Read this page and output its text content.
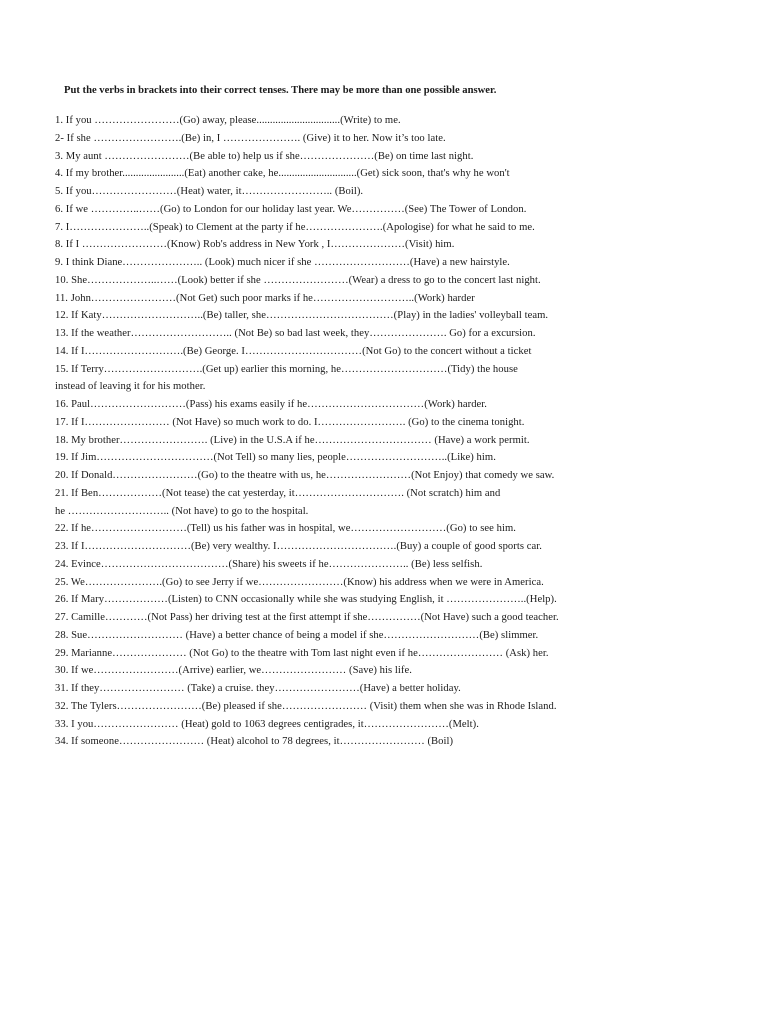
Put the verbs in brackets into their correct tenses. There may be more than one possible answer.
1. If you ……………………(Go) away, please...............................(Write) to me.
2- If she …………………….(Be) in, I …………………. (Give) it to her. Now it’s too late.
3. My aunt ……………………(Be able to) help us if she…………………(Be) on time last night.
4. If my brother.......................(Eat) another cake, he.............................(Get) sick soon, that's why he won't
5. If you……………………(Heat) water, it…………………….. (Boil).
6. If we …………..……(Go) to London for our holiday last year. We……………(See) The Tower of London.
7. I…………………..(Speak) to Clement at the party if he………………….(Apologise) for what he said to me.
8. If I ……………………(Know) Rob's address in New York , I…………………(Visit) him.
9. I think Diane………………….. (Look) much nicer if she ………………………(Have) a new hairstyle.
10. She………………..……(Look) better if she ……………………(Wear) a dress to go to the concert last night.
11. John……………………(Not Get) such poor marks if he………………………..(Work) harder
12. If Katy………………………..(Be) taller, she………………………………(Play) in the ladies' volleyball team.
13. If the weather……………………….. (Not Be) so bad last week, they…………………. Go) for a excursion.
14. If I……………………….(Be) George. I……………………………(Not Go) to the concert without a ticket
15. If Terry……………………….(Get up) earlier this morning, he…………………………(Tidy) the house
instead of leaving it for his mother.
16. Paul………………………(Pass) his exams easily if he……………………………(Work) harder.
17. If I…………………… (Not Have) so much work to do. I……………………. (Go) to the cinema tonight.
18. My brother……………………. (Live) in the U.S.A if he…………………………… (Have) a work permit.
19. If Jim……………………………(Not Tell) so many lies, people………………………..(Like) him.
20. If Donald……………………(Go) to the theatre with us, he……………………(Not Enjoy) that comedy we saw.
21. If Ben………………(Not tease) the cat yesterday, it…………………………. (Not scratch) him and
he ……………………….. (Not have) to go to the hospital.
22. If he………………………(Tell) us his father was in hospital, we………………………(Go) to see him.
23. If I…………………………(Be) very wealthy. I…………………………….(Buy) a couple of good sports car.
24. Evince………………………………(Share) his sweets if he………………….. (Be) less selfish.
25. We………………….(Go) to see Jerry if we……………………(Know) his address when we were in America.
26. If Mary………………(Listen) to CNN occasionally while she was studying English, it …………………..(Help).
27. Camille…………(Not Pass) her driving test at the first attempt if she……………(Not Have) such a good teacher.
28. Sue……………………… (Have) a better chance of being a model if she………………………(Be) slimmer.
29. Marianne………………… (Not Go) to the theatre with Tom last night even if he…………………… (Ask) her.
30. If we……………………(Arrive) earlier, we…………………… (Save) his life.
31. If they…………………… (Take) a cruise. they……………………(Have) a better holiday.
32. The Tylers……………………(Be) pleased if she…………………… (Visit) them when she was in Rhode Island.
33. I you…………………… (Heat) gold to 1063 degrees centigrades, it……………………(Melt).
34. If someone…………………… (Heat) alcohol to 78 degrees, it…………………… (Boil)
